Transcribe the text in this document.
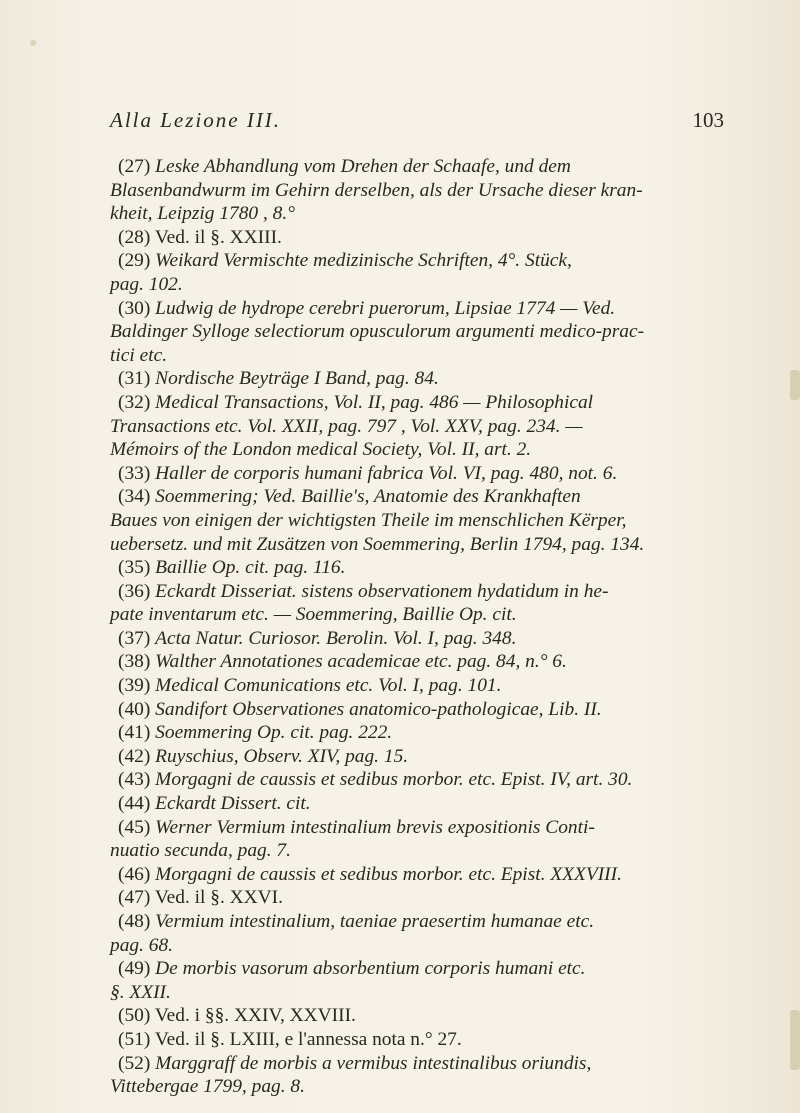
Alla Lezione III.	103

(27) Leske Abhandlung vom Drehen der Schaafe, und dem

Blasenbandwurm im Gehirn derselben, als der Ursache dieser kran-

kheit, Leipzig 1780 , 8.°

(28) Ved. il §. XXIII.

(29) Weikard Vermischte medizinische Schriften, 4°. Stück,

pag. 102.

(30) Ludwig de hydrope cerebri puerorum, Lipsiae 1774 — Ved.

Baldinger Sylloge selectiorum opusculorum argumenti medico-prac-

tici etc.

(31) Nordische Beyträge I Band, pag. 84.

(32) Medical Transactions, Vol. II, pag. 486 — Philosophical

Transactions etc. Vol. XXII, pag. 797 , Vol. XXV, pag. 234. —

Mémoirs of the London medical Society, Vol. II, art. 2.

(33) Haller de corporis humani fabrica Vol. VI, pag. 480, not. 6.

(34) Soemmering; Ved. Baillie's, Anatomie des Krankhaften

Baues von einigen der wichtigsten Theile im menschlichen Kërper,

uebersetz. und mit Zusätzen von Soemmering, Berlin 1794, pag. 134.

(35) Baillie Op. cit. pag. 116.

(36) Eckardt Disseriat. sistens observationem hydatidum in he-

pate inventarum etc. — Soemmering, Baillie Op. cit.

(37) Acta Natur. Curiosor. Berolin. Vol. I, pag. 348.

(38) Walther Annotationes academicae etc. pag. 84, n.° 6.

(39) Medical Comunications etc. Vol. I, pag. 101.

(40) Sandifort Observationes anatomico-pathologicae, Lib. II.

(41) Soemmering Op. cit. pag. 222.

(42) Ruyschius, Observ. XIV, pag. 15.

(43) Morgagni de caussis et sedibus morbor. etc. Epist. IV, art. 30.

(44) Eckardt Dissert. cit.

(45) Werner Vermium intestinalium brevis expositionis Conti-

nuatio secunda, pag. 7.

(46) Morgagni de caussis et sedibus morbor. etc. Epist. XXXVIII.

(47) Ved. il §. XXVI.

(48) Vermium intestinalium, taeniae praesertim humanae etc.

pag. 68.

(49) De morbis vasorum absorbentium corporis humani etc.

§. XXII.

(50) Ved. i §§. XXIV, XXVIII.

(51) Ved. il §. LXIII, e l'annessa nota n.° 27.

(52) Marggraff de morbis a vermibus intestinalibus oriundis,

Vittebergae 1799, pag. 8.
